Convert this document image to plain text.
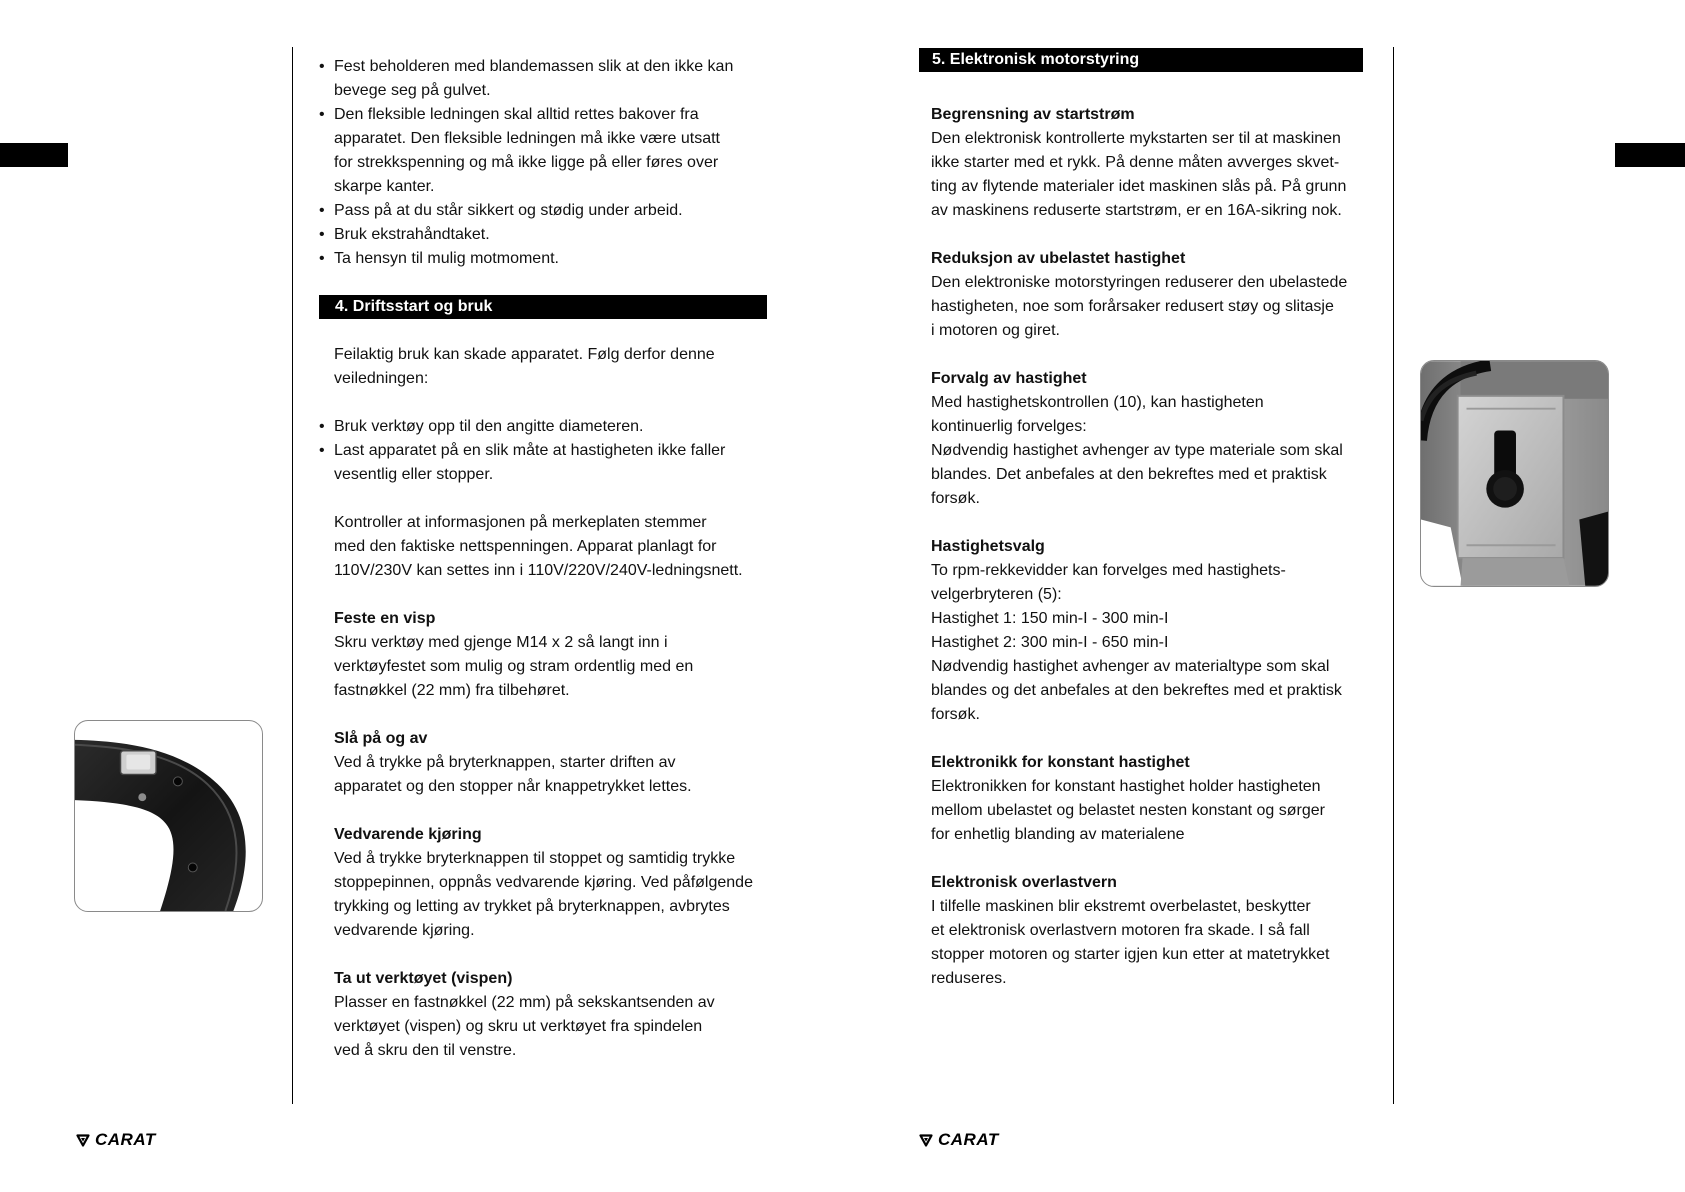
• Fest beholderen med blandemassen slik at den ikke kan
bevege seg på gulvet.
• Den fleksible ledningen skal alltid rettes bakover fra
apparatet. Den fleksible ledningen må ikke være utsatt
for strekkspenning og må ikke ligge på eller føres over
skarpe kanter.
• Pass på at du står sikkert og stødig under arbeid.
• Bruk ekstrahåndtaket.
• Ta hensyn til mulig motmoment.
4. Driftsstart og bruk
Feilaktig bruk kan skade apparatet. Følg derfor denne
veiledningen:
• Bruk verktøy opp til den angitte diameteren.
• Last apparatet på en slik måte at hastigheten ikke faller
vesentlig eller stopper.
Kontroller at informasjonen på merkeplaten stemmer
med den faktiske nettspenningen. Apparat planlagt for
110V/230V kan settes inn i 110V/220V/240V-ledningsnett.
Feste en visp
Skru verktøy med gjenge M14 x 2 så langt inn i
verktøyfestet som mulig og stram ordentlig med en
fastnøkkel (22 mm) fra tilbehøret.
Slå på og av
Ved å trykke på bryterknappen, starter driften av
apparatet og den stopper når knappetrykket lettes.
Vedvarende kjøring
Ved å trykke bryterknappen til stoppet og samtidig trykke
stoppepinnen, oppnås vedvarende kjøring. Ved påfølgende
trykking og letting av trykket på bryterknappen, avbrytes
vedvarende kjøring.
Ta ut verktøyet (vispen)
Plasser en fastnøkkel (22 mm) på sekskantsenden av
verktøyet (vispen) og skru ut verktøyet fra spindelen
ved å skru den til venstre.
5. Elektronisk motorstyring
Begrensning av startstrøm
Den elektronisk kontrollerte mykstarten ser til at maskinen
ikke starter med et rykk. På denne måten avverges skvet-
ting av flytende materialer idet maskinen slås på. På grunn
av maskinens reduserte startstrøm, er en 16A-sikring nok.
Reduksjon av ubelastet hastighet
Den elektroniske motorstyringen reduserer den ubelastede
hastigheten, noe som forårsaker redusert støy og slitasje
i motoren og giret.
Forvalg av hastighet
Med hastighetskontrollen (10), kan hastigheten
kontinuerlig forvelges:
Nødvendig hastighet avhenger av type materiale som skal
blandes. Det anbefales at den bekreftes med et praktisk
forsøk.
Hastighetsvalg
To rpm-rekkevidder kan forvelges med hastighets-
velgerbryteren (5):
Hastighet 1: 150 min-I - 300 min-I
Hastighet 2: 300 min-I - 650 min-I
Nødvendig hastighet avhenger av materialtype som skal
blandes og det anbefales at den bekreftes med et praktisk
forsøk.
Elektronikk for konstant hastighet
Elektronikken for konstant hastighet holder hastigheten
mellom ubelastet og belastet nesten konstant og sørger
for enhetlig blanding av materialene
Elektronisk overlastvern
I tilfelle maskinen blir ekstremt overbelastet, beskytter
et elektronisk overlastvern motoren fra skade. I så fall
stopper motoren og starter igjen kun etter at matetrykket
reduseres.
CARAT	CARAT
